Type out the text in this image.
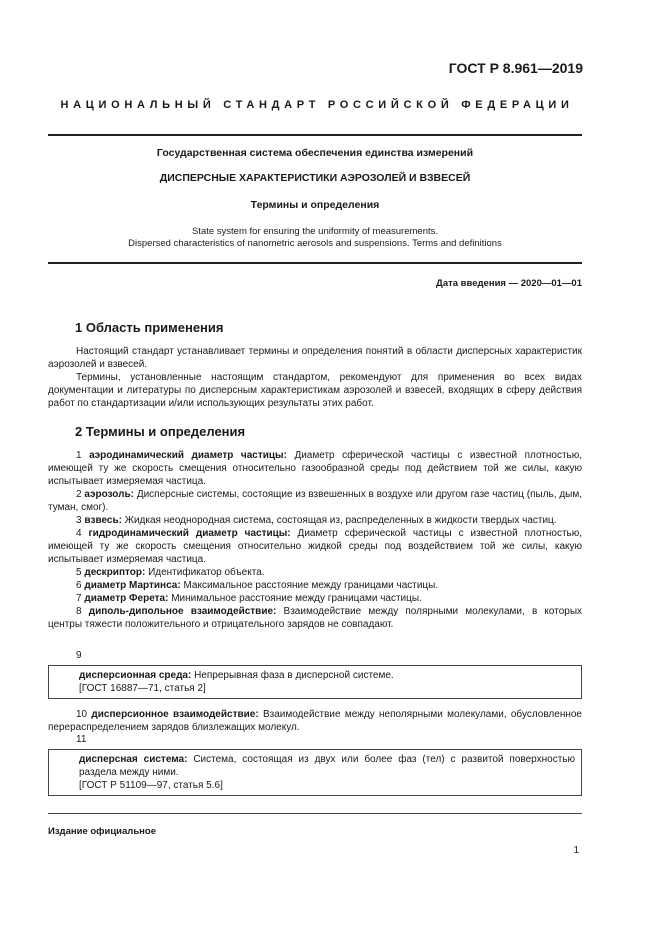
ГОСТ Р 8.961—2019
НАЦИОНАЛЬНЫЙ СТАНДАРТ РОССИЙСКОЙ ФЕДЕРАЦИИ
Государственная система обеспечения единства измерений
ДИСПЕРСНЫЕ ХАРАКТЕРИСТИКИ АЭРОЗОЛЕЙ И ВЗВЕСЕЙ
Термины и определения
State system for ensuring the uniformity of measurements.
Dispersed characteristics of nanometric aerosols and suspensions. Terms and definitions
Дата введения — 2020—01—01
1 Область применения

Настоящий стандарт устанавливает термины и определения понятий в области дисперсных характеристик аэрозолей и взвесей.

Термины, установленные настоящим стандартом, рекомендуют для применения во всех видах документации и литературы по дисперсным характеристикам аэрозолей и взвесей, входящих в сферу действия работ по стандартизации и/или использующих результаты этих работ.

2 Термины и определения

1 аэродинамический диаметр частицы: Диаметр сферической частицы с известной плотностью, имеющей ту же скорость смещения относительно газообразной среды под действием той же силы, какую испытывает измеряемая частица.

2 аэрозоль: Дисперсные системы, состоящие из взвешенных в воздухе или другом газе частиц (пыль, дым, туман, смог).

3 взвесь: Жидкая неоднородная система, состоящая из, распределенных в жидкости твердых частиц.

4 гидродинамический диаметр частицы: Диаметр сферической частицы с известной плотностью, имеющей ту же скорость смещения относительно жидкой среды под воздействием той же силы, какую испытывает измеряемая частица.

5 дескриптор: Идентификатор объекта.

6 диаметр Мартинса: Максимальное расстояние между границами частицы.

7 диаметр Ферета: Минимальное расстояние между границами частицы.

8 диполь-дипольное взаимодействие: Взаимодействие между полярными молекулами, в которых центры тяжести положительного и отрицательного зарядов не совпадают.

9
дисперсионная среда: Непрерывная фаза в дисперсной системе.
[ГОСТ 16887—71, статья 2]

10 дисперсионное взаимодействие: Взаимодействие между неполярными молекулами, обусловленное перераспределением зарядов близлежащих молекул.

11
дисперсная система: Система, состоящая из двух или более фаз (тел) с развитой поверхностью раздела между ними.
[ГОСТ Р 51109—97, статья 5.6]
Издание официальное
1
